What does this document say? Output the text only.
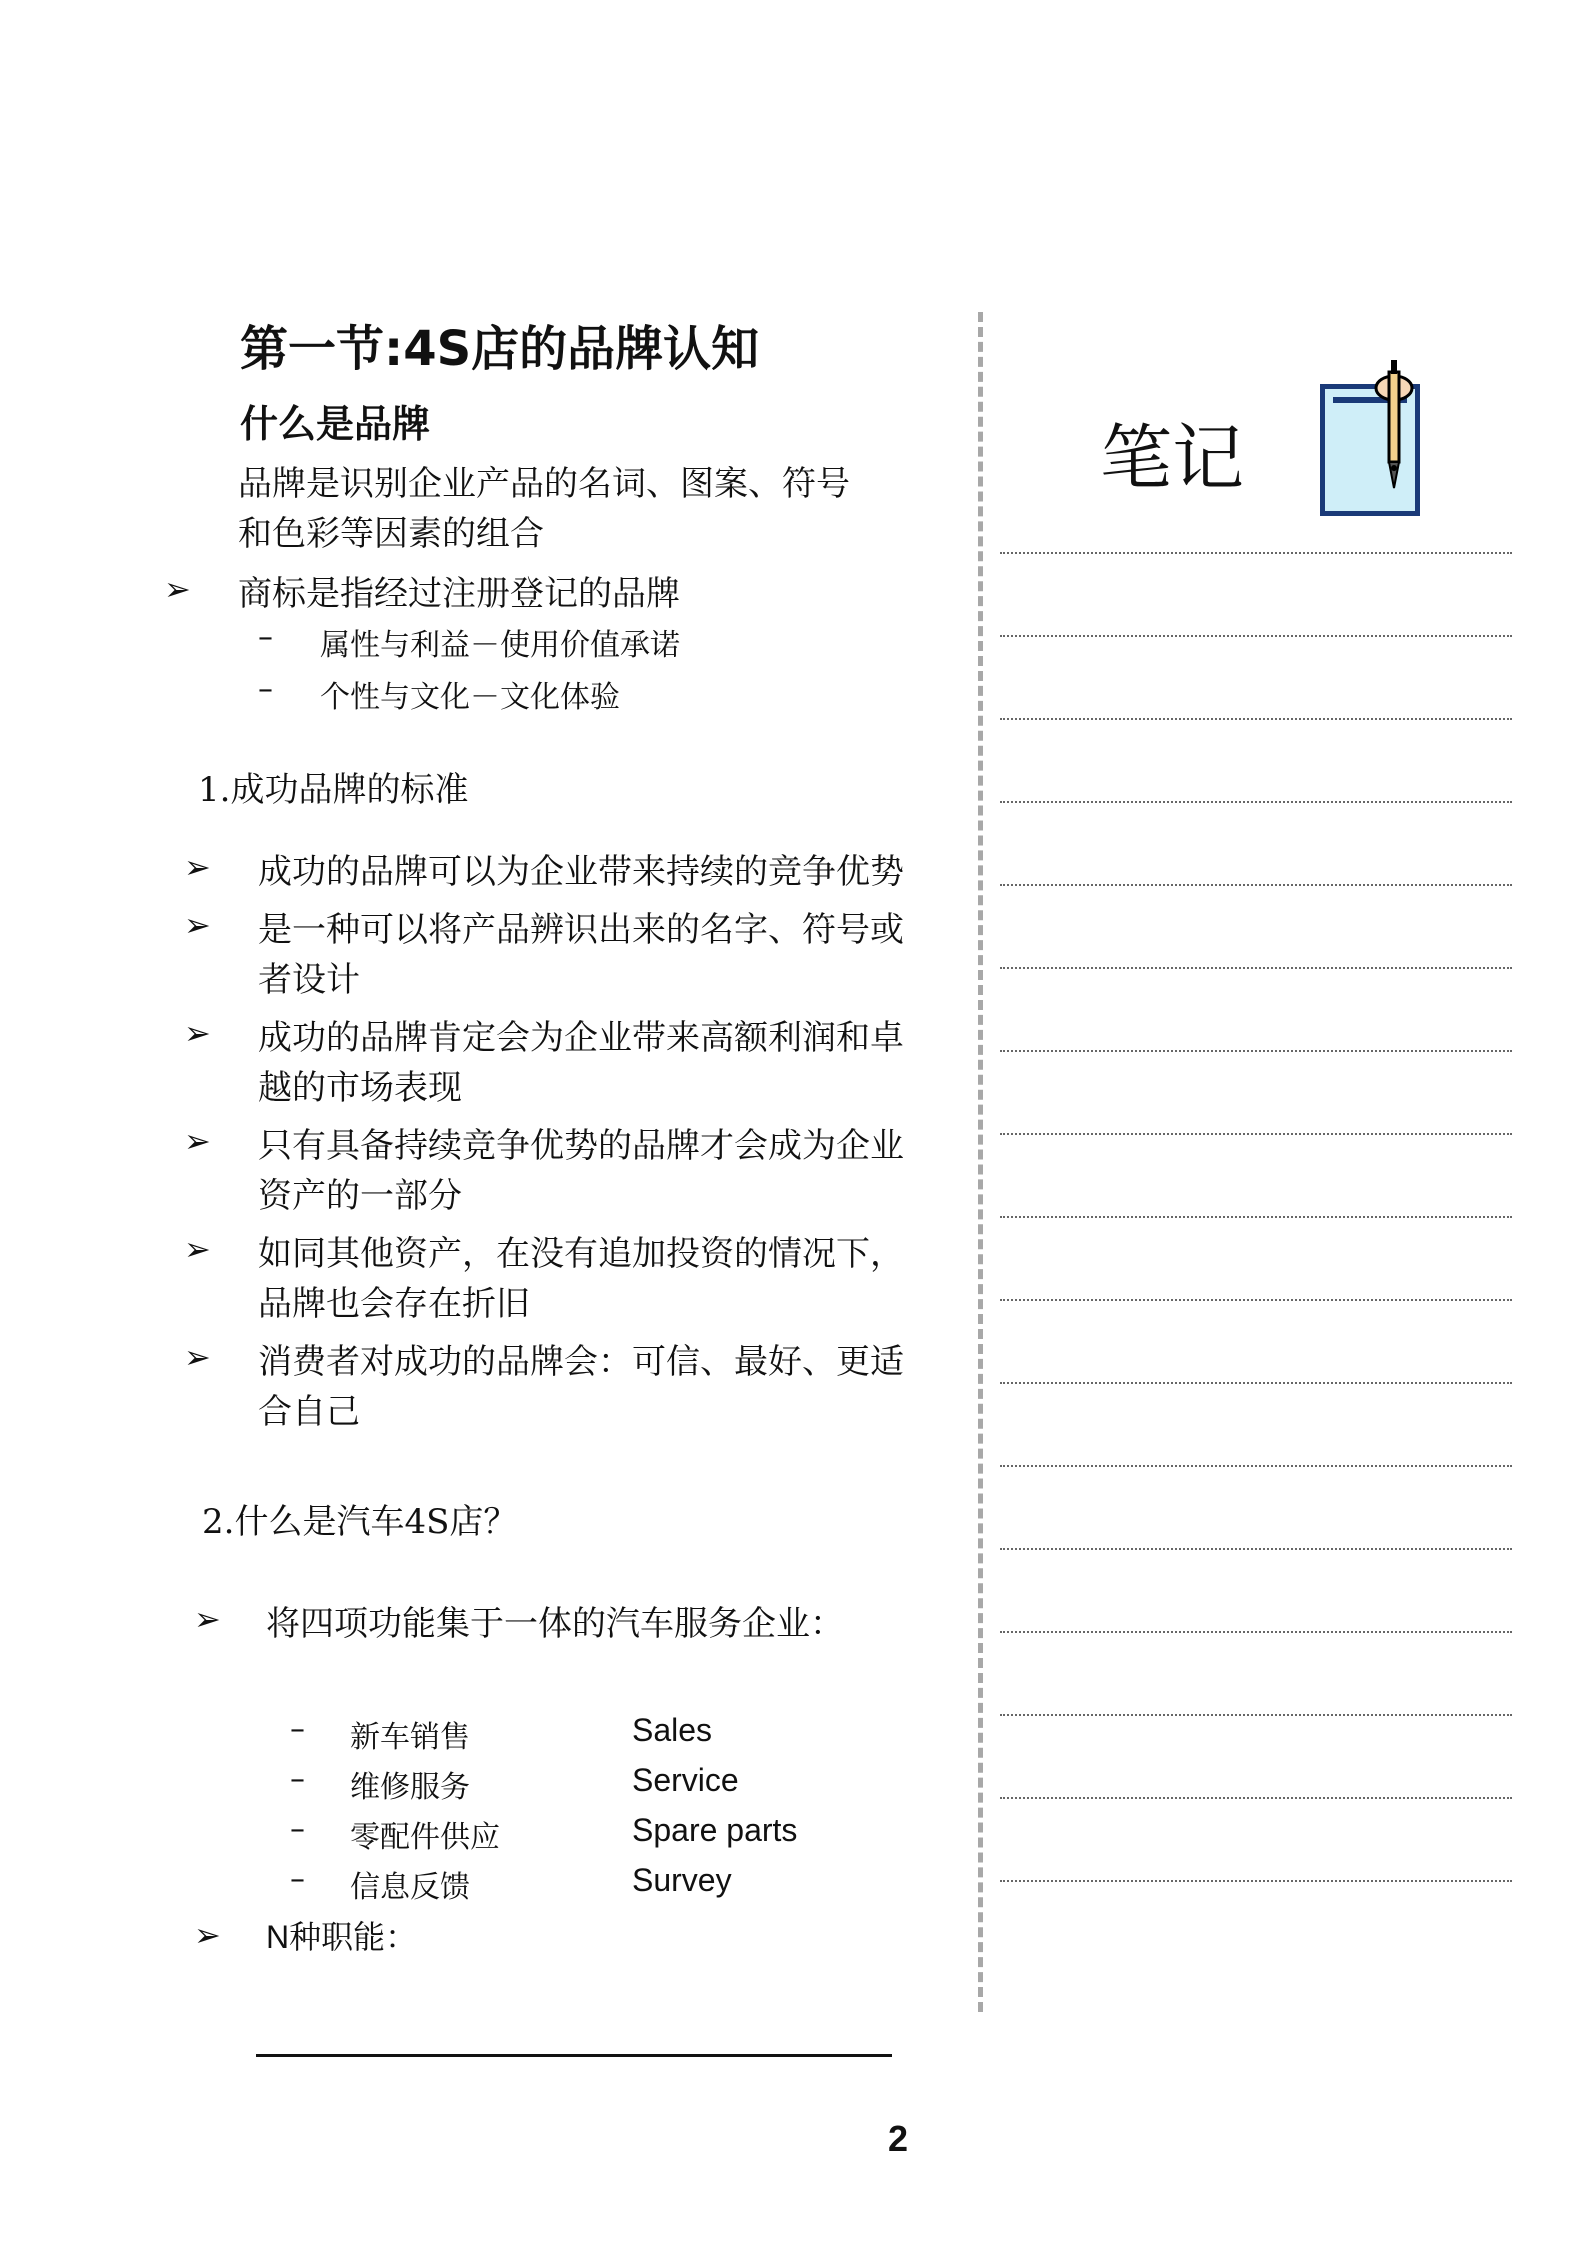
第一节:4S店的品牌认知
什么是品牌
品牌是识别企业产品的名词、图案、符号
和色彩等因素的组合
➢ 商标是指经过注册登记的品牌
– 属性与利益－使用价值承诺
– 个性与文化－文化体验
1.成功品牌的标准
➢ 成功的品牌可以为企业带来持续的竞争优势
➢ 是一种可以将产品辨识出来的名字、符号或
者设计
➢ 成功的品牌肯定会为企业带来高额利润和卓
越的市场表现
➢ 只有具备持续竞争优势的品牌才会成为企业
资产的一部分
➢ 如同其他资产，在没有追加投资的情况下，
品牌也会存在折旧
➢ 消费者对成功的品牌会：可信、最好、更适
合自己
2.什么是汽车4S店？
➢ 将四项功能集于一体的汽车服务企业：
– 新车销售	Sales
– 维修服务	Service
– 零配件供应	Spare parts
– 信息反馈	Survey
➢ N种职能：
笔记
2
